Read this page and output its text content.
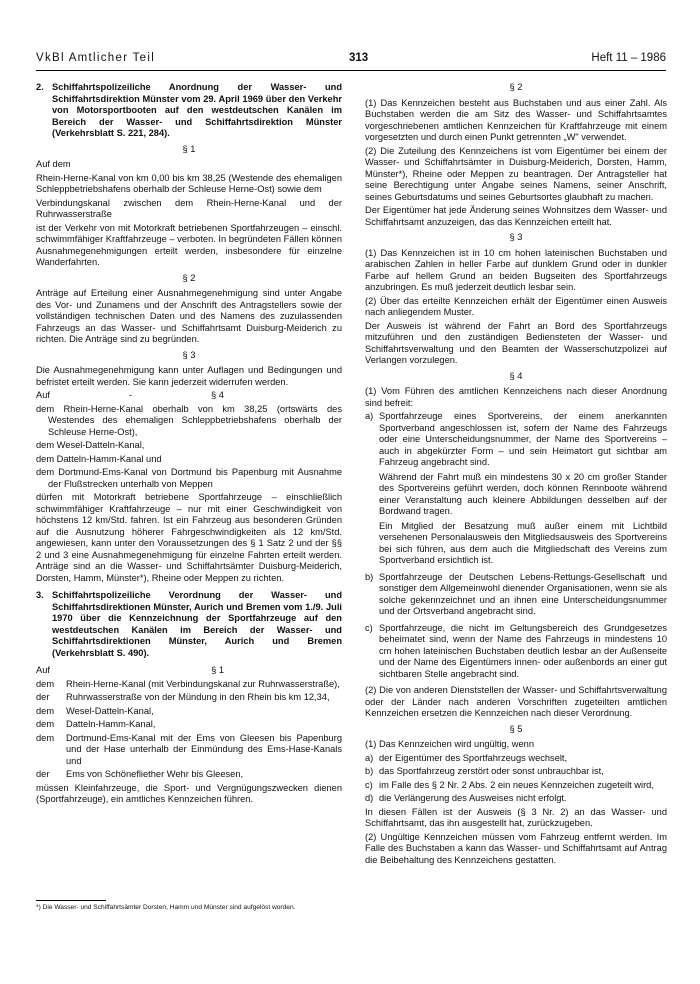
VkBl Amtlicher Teil	313	Heft 11 – 1986
2. Schiffahrtspolizeiliche Anordnung der Wasser- und Schiffahrtsdirektion Münster vom 29. April 1969 über den Verkehr von Motorsportbooten auf den westdeutschen Kanälen im Bereich der Wasser- und Schiffahrtsdirektion Münster (Verkehrsblatt S. 221, 284).
§ 1

Auf dem

Rhein-Herne-Kanal von km 0,00 bis km 38,25 (Westende des ehemaligen Schleppbetriebshafens oberhalb der Schleuse Herne-Ost) sowie dem

Verbindungskanal zwischen dem Rhein-Herne-Kanal und der Ruhrwasserstraße

ist der Verkehr von mit Motorkraft betriebenen Sportfahrzeugen – einschl. schwimmfähiger Kraftfahrzeuge – verboten. In begründeten Fällen können Ausnahmegenehmigungen erteilt werden, insbesondere für einzelne Wanderfahrten.

§ 2

Anträge auf Erteilung einer Ausnahmegenehmigung sind unter Angabe des Vor- und Zunamens und der Anschrift des Antragstellers sowie der vollständigen technischen Daten und des Namens des zuzulassenden Fahrzeugs an das Wasser- und Schiffahrtsamt Duisburg-Meiderich zu richten. Die Anträge sind zu begründen.

§ 3

Die Ausnahmegenehmigung kann unter Auflagen und Bedingungen und befristet erteilt werden. Sie kann jederzeit widerrufen werden.

Auf	-	§ 4

dem Rhein-Herne-Kanal oberhalb von km 38,25 (ortswärts des Westendes des ehemaligen Schleppbetriebshafens oberhalb der Schleuse Herne-Ost),

dem Wesel-Datteln-Kanal,

dem Datteln-Hamm-Kanal und

dem Dortmund-Ems-Kanal von Dortmund bis Papenburg mit Ausnahme der Flußstrecken unterhalb von Meppen

dürfen mit Motorkraft betriebene Sportfahrzeuge – einschließlich schwimmfähiger Kraftfahrzeuge – nur mit einer Geschwindigkeit von höchstens 12 km/Std. fahren. Ist ein Fahrzeug aus besonderen Gründen auf die Ausnutzung höherer Fahrgeschwindigkeiten als 12 km/Std. angewiesen, kann unter den Voraussetzungen des § 1 Satz 2 und der §§ 2 und 3 eine Ausnahmegenehmigung für einzelne Fahrten erteilt werden. Anträge sind an die Wasser- und Schiffahrtsämter Duisburg-Meiderich, Dorsten, Hamm, Münster*), Rheine oder Meppen zu richten.

3. Schiffahrtspolizeiliche Verordnung der Wasser- und Schiffahrtsdirektionen Münster, Aurich und Bremen vom 1./9. Juli 1970 über die Kennzeichnung der Sportfahrzeuge auf den westdeutschen Kanälen im Bereich der Wasser- und Schiffahrtsdirektionen Münster, Aurich und Bremen (Verkehrsblatt S. 490).
Auf	§ 1
dem	Rhein-Herne-Kanal (mit Verbindungskanal zur Ruhrwasserstraße),
der	Ruhrwasserstraße von der Mündung in den Rhein bis km 12,34,
dem	Wesel-Datteln-Kanal,
dem	Datteln-Hamm-Kanal,
dem	Dortmund-Ems-Kanal mit der Ems von Gleesen bis Papenburg und der Hase unterhalb der Einmündung des Ems-Hase-Kanals und
der	Ems von Schönefliether Wehr bis Gleesen,

müssen Kleinfahrzeuge, die Sport- und Vergnügungszwecken dienen (Sportfahrzeuge), ein amtliches Kennzeichen führen.

§ 2

(1) Das Kennzeichen besteht aus Buchstaben und aus einer Zahl. Als Buchstaben werden die am Sitz des Wasser- und Schiffahrtsamtes vorgeschriebenen amtlichen Kennzeichen für Kraftfahrzeuge mit einem vorgesetzten und durch einen Punkt getrennten „W" verwendet.

(2) Die Zuteilung des Kennzeichens ist vom Eigentümer bei einem der Wasser- und Schiffahrtsämter in Duisburg-Meiderich, Dorsten, Hamm, Münster*), Rheine oder Meppen zu beantragen. Der Antragsteller hat seine Berechtigung unter Angabe seines Namens, seiner Anschrift, seines Geburtsdatums und seines Geburtsortes glaubhaft zu machen.

Der Eigentümer hat jede Änderung seines Wohnsitzes dem Wasser- und Schiffahrtsamt anzuzeigen, das das Kennzeichen erteilt hat.

§ 3

(1) Das Kennzeichen ist in 10 cm hohen lateinischen Buchstaben und arabischen Zahlen in heller Farbe auf dunklem Grund oder in dunkler Farbe auf hellem Grund an beiden Bugseiten des Sportfahrzeugs anzubringen. Es muß jederzeit deutlich lesbar sein.

(2) Über das erteilte Kennzeichen erhält der Eigentümer einen Ausweis nach anliegendem Muster.

Der Ausweis ist während der Fahrt an Bord des Sportfahrzeugs mitzuführen und den zuständigen Bediensteten der Wasser- und Schiffahrtsverwaltung und den Beamten der Wasserschutzpolizei auf Verlangen vorzulegen.

§ 4

(1) Vom Führen des amtlichen Kennzeichens nach dieser Anordnung sind befreit:

a) Sportfahrzeuge eines Sportvereins, der einem anerkannten Sportverband angeschlossen ist, sofern der Name des Fahrzeugs oder eine Unterscheidungsnummer, der Name des Sportvereins – auch in abgekürzter Form – und sein Heimatort gut sichtbar am Fahrzeug angebracht sind.

Während der Fahrt muß ein mindestens 30 x 20 cm großer Stander des Sportvereins geführt werden, doch können Rennboote während einer Veranstaltung auch kleinere Abbildungen desselben auf der Bordwand tragen.

Ein Mitglied der Besatzung muß außer einem mit Lichtbild versehenen Personalausweis den Mitgliedsausweis des Sportvereins bei sich führen, aus dem auch die Mitgliedschaft des Vereins zum Sportverband ersichtlich ist.

b) Sportfahrzeuge der Deutschen Lebens-Rettungs-Gesellschaft und sonstiger dem Allgemeinwohl dienender Organisationen, wenn sie als solche gekennzeichnet und an ihnen eine Unterscheidungsnummer und der Ortsverband angebracht sind.

c) Sportfahrzeuge, die nicht im Geltungsbereich des Grundgesetzes beheimatet sind, wenn der Name des Fahrzeugs in mindestens 10 cm hohen lateinischen Buchstaben deutlich lesbar an der Außenseite und der Name des Eigentümers innen- oder außenbords an einer gut sichtbaren Stelle angebracht sind.

(2) Die von anderen Dienststellen der Wasser- und Schiffahrtsverwaltung oder der Länder nach anderen Vorschriften zugeteilten amtlichen Kennzeichen ersetzen die Kennzeichen nach dieser Verordnung.

§ 5

(1) Das Kennzeichen wird ungültig, wenn

a) der Eigentümer des Sportfahrzeugs wechselt,
b) das Sportfahrzeug zerstört oder sonst unbrauchbar ist,
c) im Falle des § 2 Nr. 2 Abs. 2 ein neues Kennzeichen zugeteilt wird,
d) die Verlängerung des Ausweises nicht erfolgt.

In diesen Fällen ist der Ausweis (§ 3 Nr. 2) an das Wasser- und Schiffahrtsamt, das ihn ausgestellt hat, zurückzugeben.

(2) Ungültige Kennzeichen müssen vom Fahrzeug entfernt werden. Im Falle des Buchstaben a kann das Wasser- und Schiffahrtsamt auf Antrag die Beibehaltung des Kennzeichens gestatten.

*) Die Wasser- und Schiffahrtsämter Dorsten, Hamm und Münster sind aufgelöst worden.
